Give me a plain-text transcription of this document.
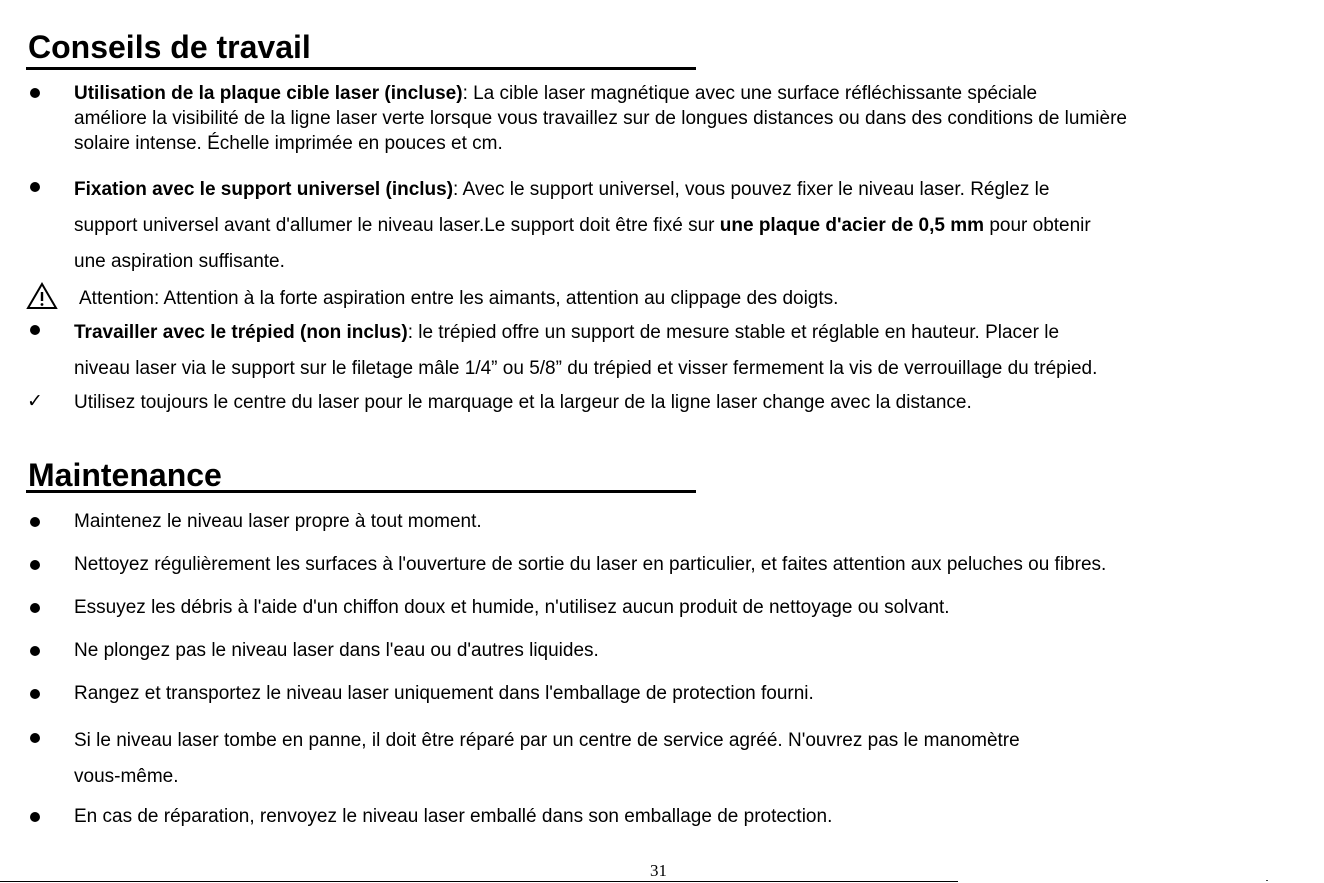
Conseils de travail
Utilisation de la plaque cible laser (incluse): La cible laser magnétique avec une surface réfléchissante spéciale
améliore la visibilité de la ligne laser verte lorsque vous travaillez sur de longues distances ou dans des conditions de lumière
solaire intense. Échelle imprimée en pouces et cm.
Fixation avec le support universel (inclus): Avec le support universel, vous pouvez fixer le niveau laser. Réglez le
support universel avant d'allumer le niveau laser.Le support doit être fixé sur une plaque d'acier de 0,5 mm pour obtenir
une aspiration suffisante.
Attention: Attention à la forte aspiration entre les aimants, attention au clippage des doigts.
Travailler avec le trépied (non inclus): le trépied offre un support de mesure stable et réglable en hauteur. Placer le
niveau laser via le support sur le filetage mâle 1/4” ou 5/8” du trépied et visser fermement la vis de verrouillage du trépied.
✓ Utilisez toujours le centre du laser pour le marquage et la largeur de la ligne laser change avec la distance.
Maintenance
Maintenez le niveau laser propre à tout moment.
Nettoyez régulièrement les surfaces à l'ouverture de sortie du laser en particulier, et faites attention aux peluches ou fibres.
Essuyez les débris à l'aide d'un chiffon doux et humide, n'utilisez aucun produit de nettoyage ou solvant.
Ne plongez pas le niveau laser dans l'eau ou d'autres liquides.
Rangez et transportez le niveau laser uniquement dans l'emballage de protection fourni.
Si le niveau laser tombe en panne, il doit être réparé par un centre de service agréé. N'ouvrez pas le manomètre
vous-même.
En cas de réparation, renvoyez le niveau laser emballé dans son emballage de protection.
31
